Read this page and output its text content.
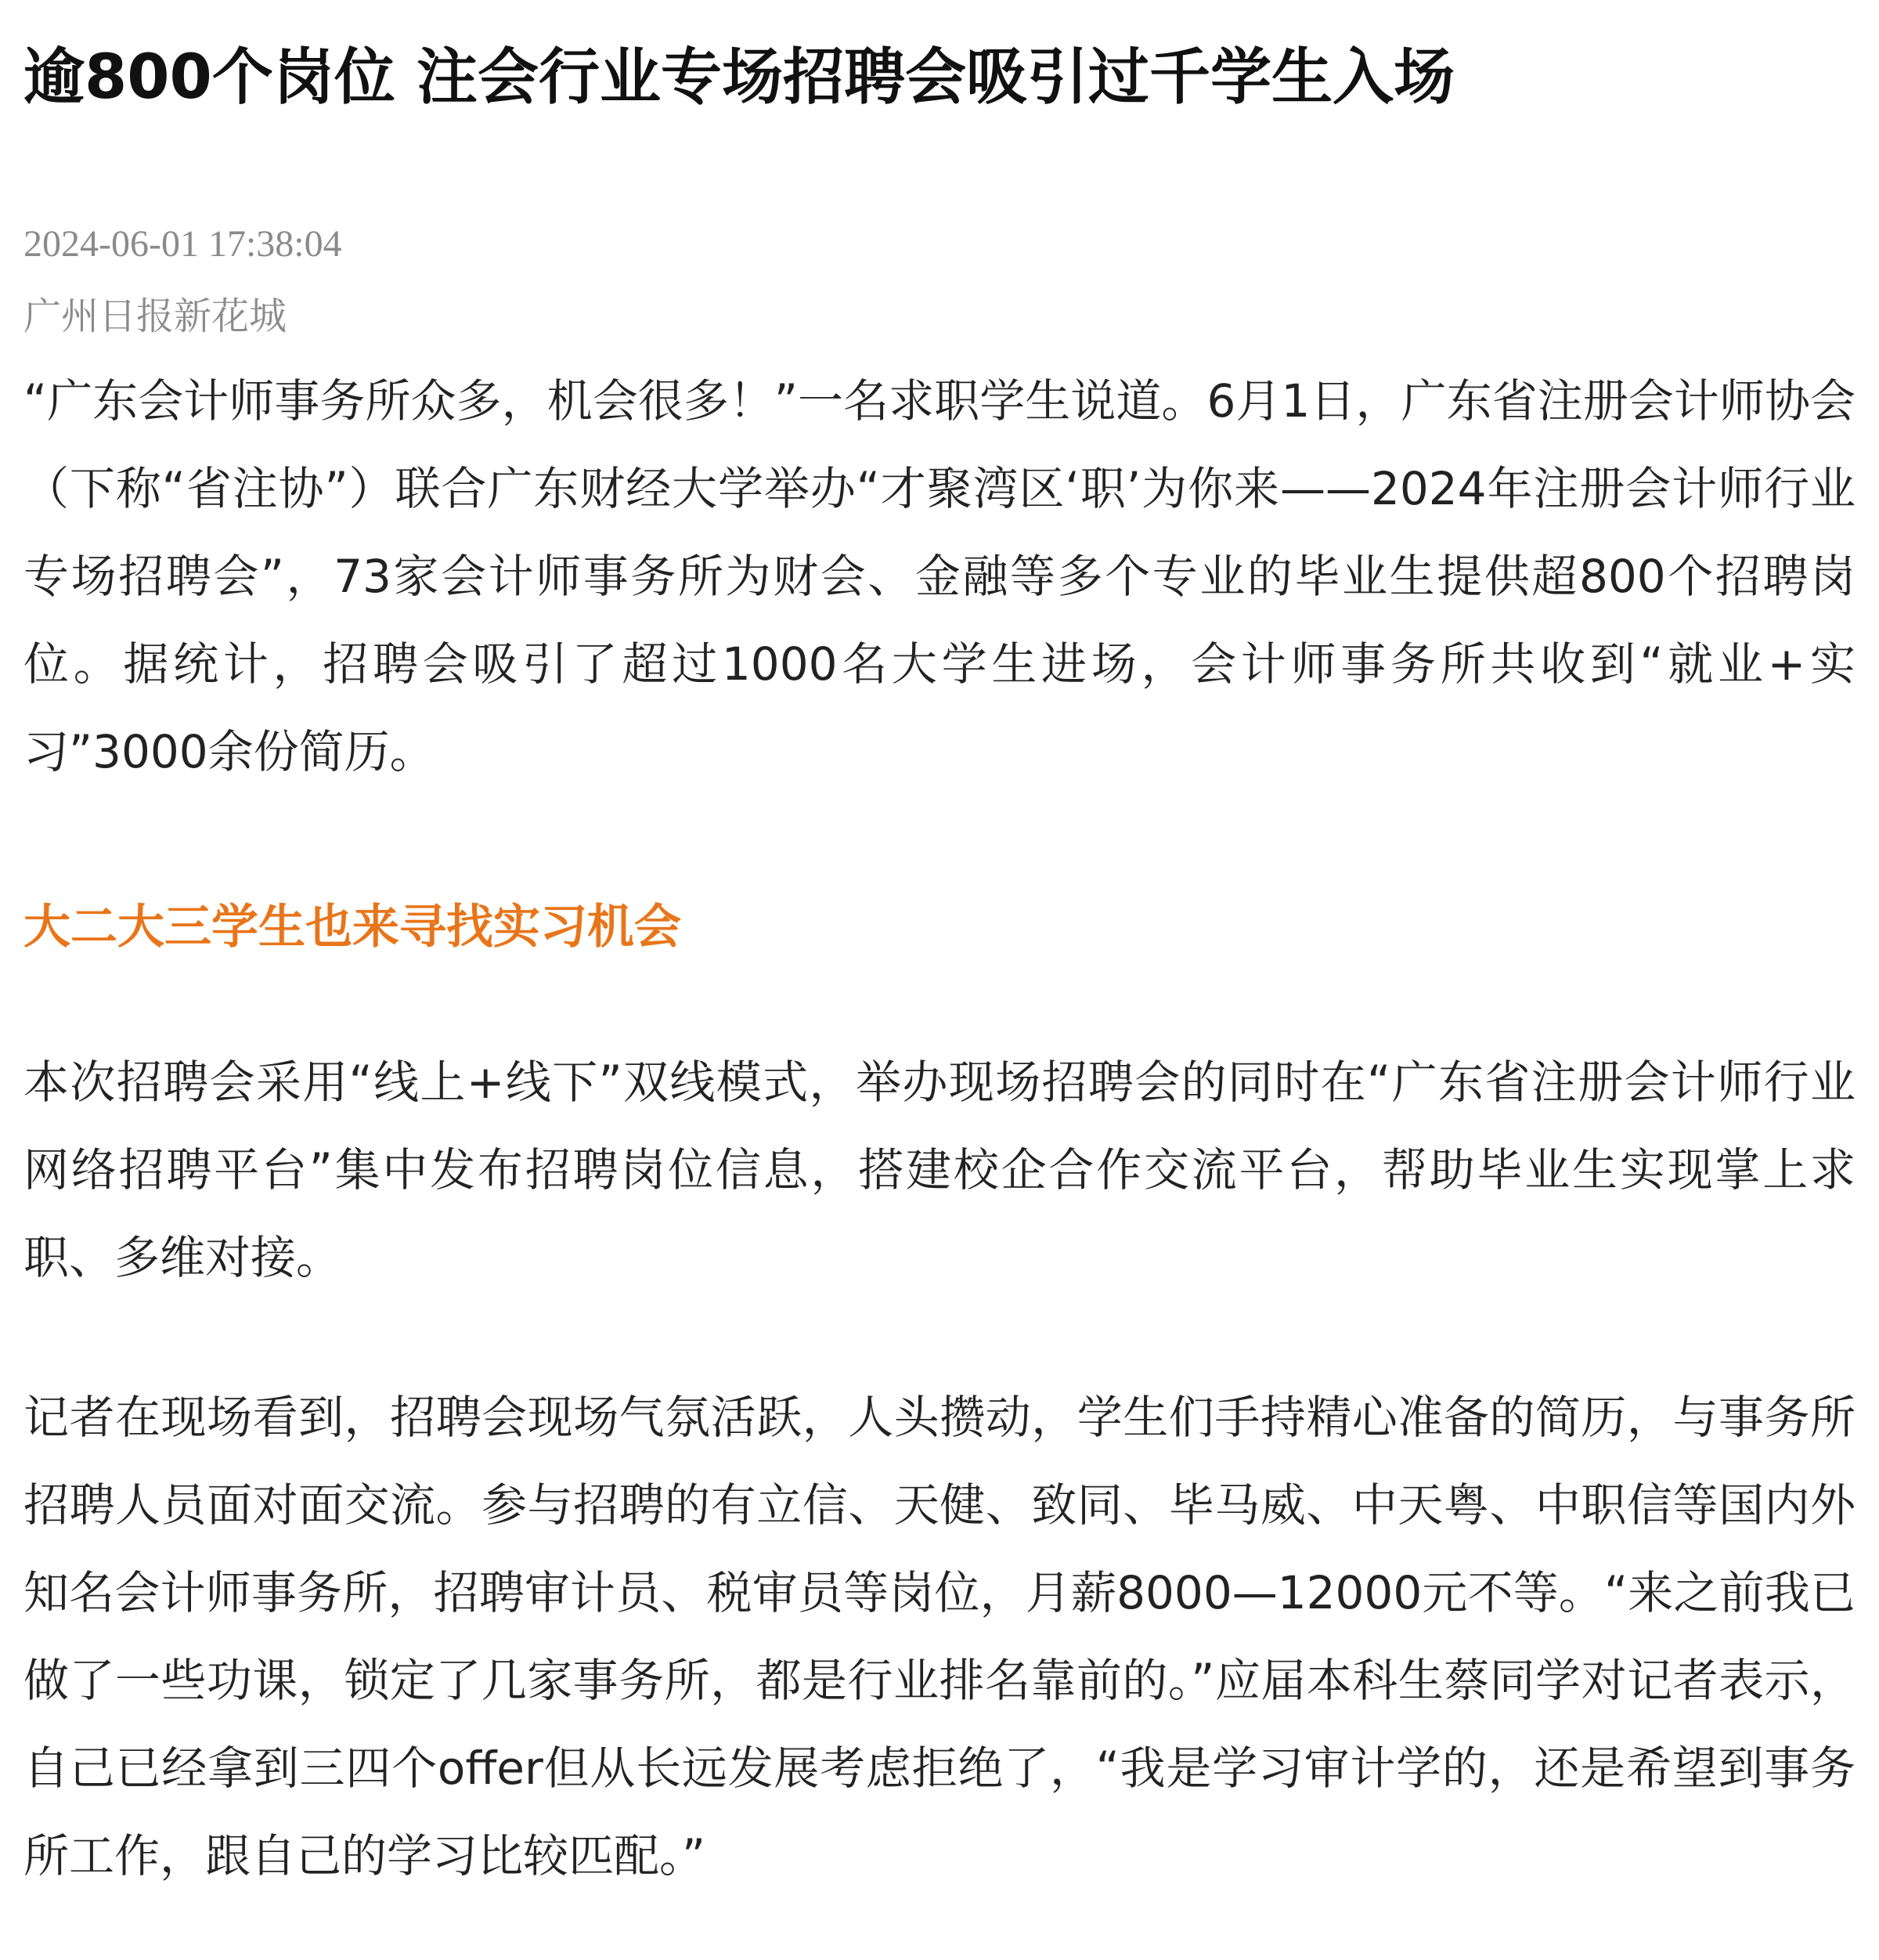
逾800个岗位 注会行业专场招聘会吸引过千学生入场
2024-06-01 17:38:04
广州日报新花城

“广东会计师事务所众多，机会很多！”一名求职学生说道。6月1日，广东省注册会计师协会（下称“省注协”）联合广东财经大学举办“才聚湾区‘职’为你来——2024年注册会计师行业专场招聘会”，73家会计师事务所为财会、金融等多个专业的毕业生提供超800个招聘岗位。据统计，招聘会吸引了超过1000名大学生进场，会计师事务所共收到“就业+实习”3000余份简历。

大二大三学生也来寻找实习机会

本次招聘会采用“线上+线下”双线模式，举办现场招聘会的同时在“广东省注册会计师行业网络招聘平台”集中发布招聘岗位信息，搭建校企合作交流平台，帮助毕业生实现掌上求职、多维对接。

记者在现场看到，招聘会现场气氛活跃，人头攒动，学生们手持精心准备的简历，与事务所招聘人员面对面交流。参与招聘的有立信、天健、致同、毕马威、中天粤、中职信等国内外知名会计师事务所，招聘审计员、税审员等岗位，月薪8000—12000元不等。“来之前我已做了一些功课，锁定了几家事务所，都是行业排名靠前的。”应届本科生蔡同学对记者表示，自己已经拿到三四个offer但从长远发展考虑拒绝了，“我是学习审计学的，还是希望到事务所工作，跟自己的学习比较匹配。”
